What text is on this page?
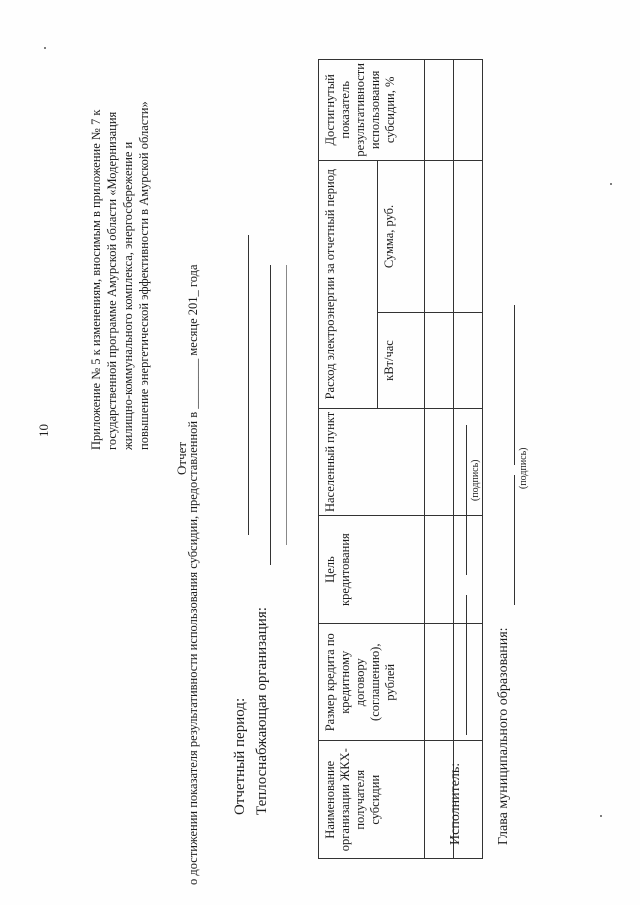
10	Приложение № 5 к изменениям, вносимым в приложение № 7 к государственной программе Амурской области «Модернизация жилищно-коммунального комплекса, энергосбережение и повышение энергетической эффективности в Амурской области»
Отчет
о достижении показателя результативности использования субсидии, предоставленной в ________ месяце 201_ года Отчетный период: Теплоснабжающая организация:	Наименование организации ЖКХ-получателя субсидии	Размер кредита по кредитному договору (соглашению), рублей	Цель кредитования	Населенный пункт	Расход электроэнергии за отчетный период		Достигнутый показатель результативности использования субсидии, %
				кВт/час	Сумма, руб.	

Исполнитель:
(подпись)
Глава муниципального образования:
(подпись)
